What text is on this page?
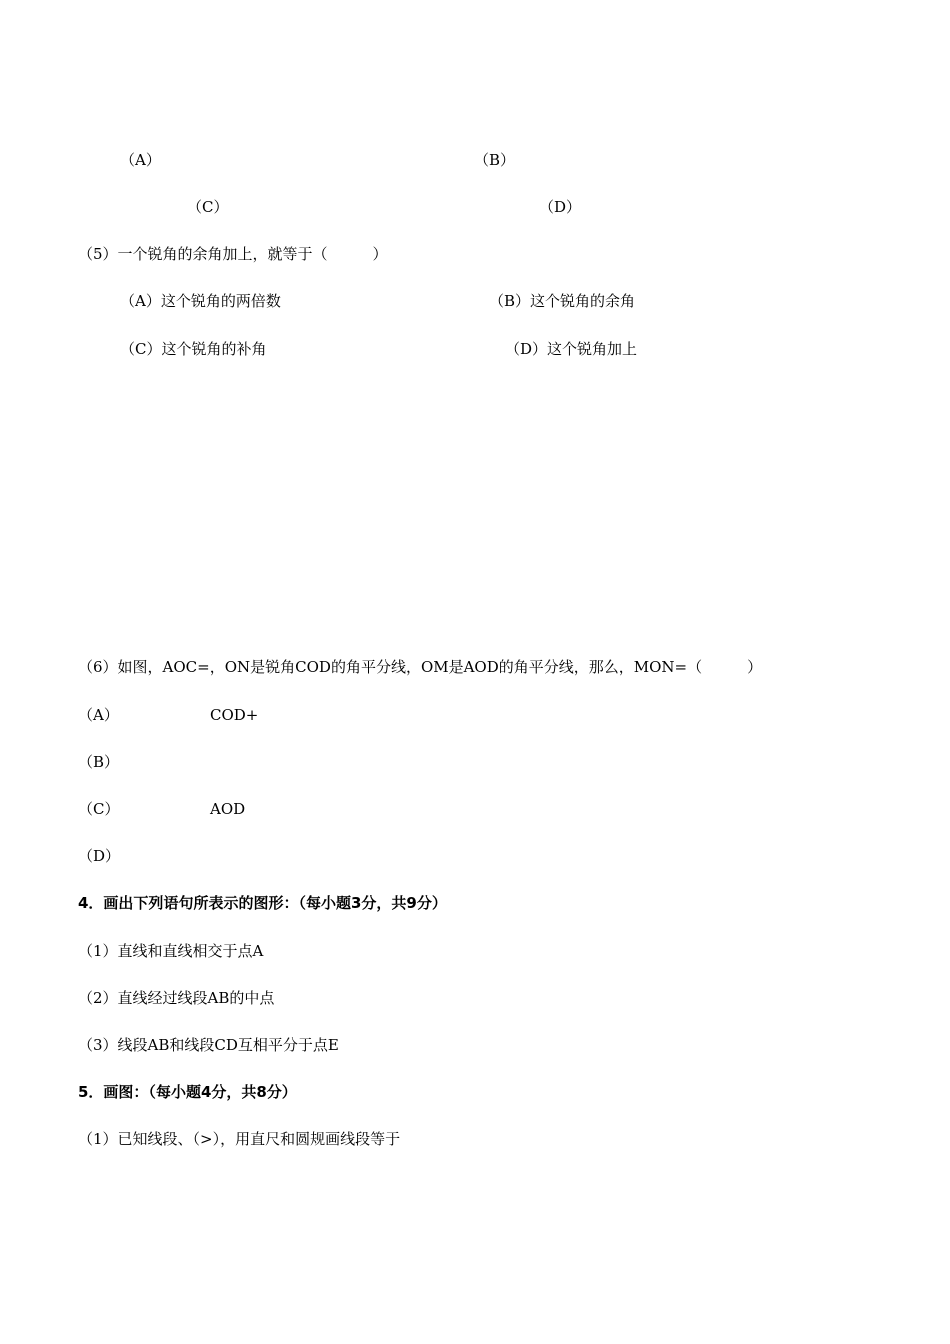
（A）	（B）
（C）	（D）
（5）一个锐角的余角加上，就等于（　　　）
（A）这个锐角的两倍数	（B）这个锐角的余角
（C）这个锐角的补角	（D）这个锐角加上
（6）如图，AOC=，ON是锐角COD的角平分线，OM是AOD的角平分线，那么，MON=（　　　）
（A）	COD+
（B）
（C）	AOD
（D）
4．画出下列语句所表示的图形：（每小题3分，共9分）
（1）直线和直线相交于点A
（2）直线经过线段AB的中点
（3）线段AB和线段CD互相平分于点E
5．画图：（每小题4分，共8分）
（1）已知线段、（>），用直尺和圆规画线段等于
